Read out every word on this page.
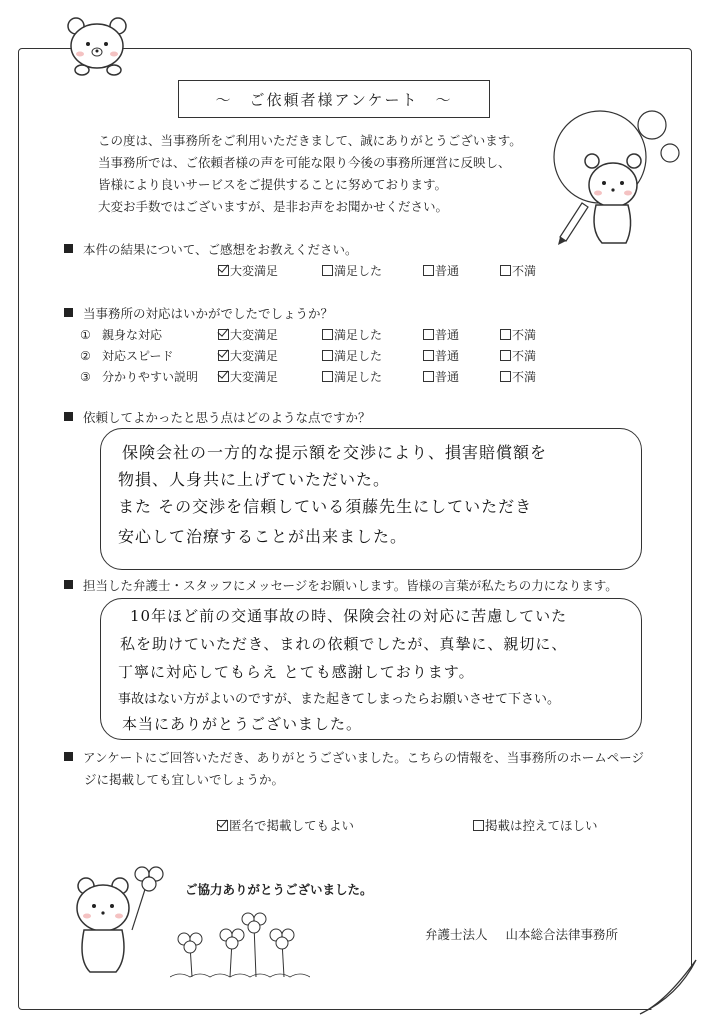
～　ご依頼者様アンケート　～
この度は、当事務所をご利用いただきまして、誠にありがとうございます。
当事務所では、ご依頼者様の声を可能な限り今後の事務所運営に反映し、
皆様により良いサービスをご提供することに努めております。
大変お手数ではございますが、是非お声をお聞かせください。
本件の結果について、ご感想をお教えください。
大変満足	満足した	普通	不満
当事務所の対応はいかがでしたでしょうか？
① 親身な対応	大変満足	満足した	普通	不満
② 対応スピード	大変満足	満足した	普通	不満
③ 分かりやすい説明	大変満足	満足した	普通	不満
依頼してよかったと思う点はどのような点ですか？
保険会社の一方的な提示額を交渉により、損害賠償額を
物損、人身共に上げていただいた。
また その交渉を信頼している須藤先生にしていただき
安心して治療することが出来ました。
担当した弁護士・スタッフにメッセージをお願いします。皆様の言葉が私たちの力になります。
10年ほど前の交通事故の時、保険会社の対応に苦慮していた
私を助けていただき、まれの依頼でしたが、真摯に、親切に、
丁寧に対応してもらえ とても感謝しております。
事故はない方がよいのですが、また起きてしまったらお願いさせて下さい。
本当にありがとうございました。
アンケートにご回答いただき、ありがとうございました。こちらの情報を、当事務所のホームページ
ジに掲載しても宜しいでしょうか。
匿名で掲載してもよい	掲載は控えてほしい
ご協力ありがとうございました。
弁護士法人 山本総合法律事務所
